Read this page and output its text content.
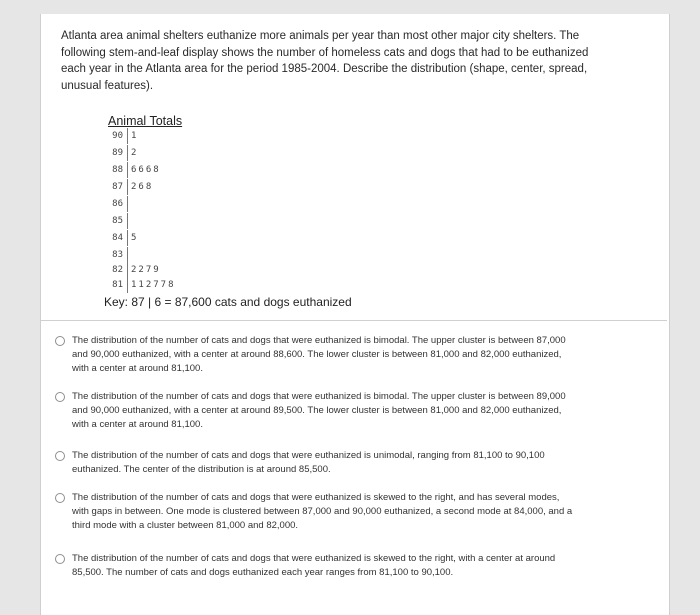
Atlanta area animal shelters euthanize more animals per year than most other major city shelters. The following stem-and-leaf display shows the number of homeless cats and dogs that had to be euthanized each year in the Atlanta area for the period 1985-2004. Describe the distribution (shape, center, spread, unusual features).
Animal Totals
90 1
89 2
88 6668
87 268
86
85
84 5
83
82 2279
81 112778
Key: 87 | 6 = 87,600 cats and dogs euthanized
The distribution of the number of cats and dogs that were euthanized is bimodal. The upper cluster is between 87,000 and 90,000 euthanized, with a center at around 88,600. The lower cluster is between 81,000 and 82,000 euthanized, with a center at around 81,100.
The distribution of the number of cats and dogs that were euthanized is bimodal. The upper cluster is between 89,000 and 90,000 euthanized, with a center at around 89,500. The lower cluster is between 81,000 and 82,000 euthanized, with a center at around 81,100.
The distribution of the number of cats and dogs that were euthanized is unimodal, ranging from 81,100 to 90,100 euthanized. The center of the distribution is at around 85,500.
The distribution of the number of cats and dogs that were euthanized is skewed to the right, and has several modes, with gaps in between. One mode is clustered between 87,000 and 90,000 euthanized, a second mode at 84,000, and a third mode with a cluster between 81,000 and 82,000.
The distribution of the number of cats and dogs that were euthanized is skewed to the right, with a center at around 85,500. The number of cats and dogs euthanized each year ranges from 81,100 to 90,100.
